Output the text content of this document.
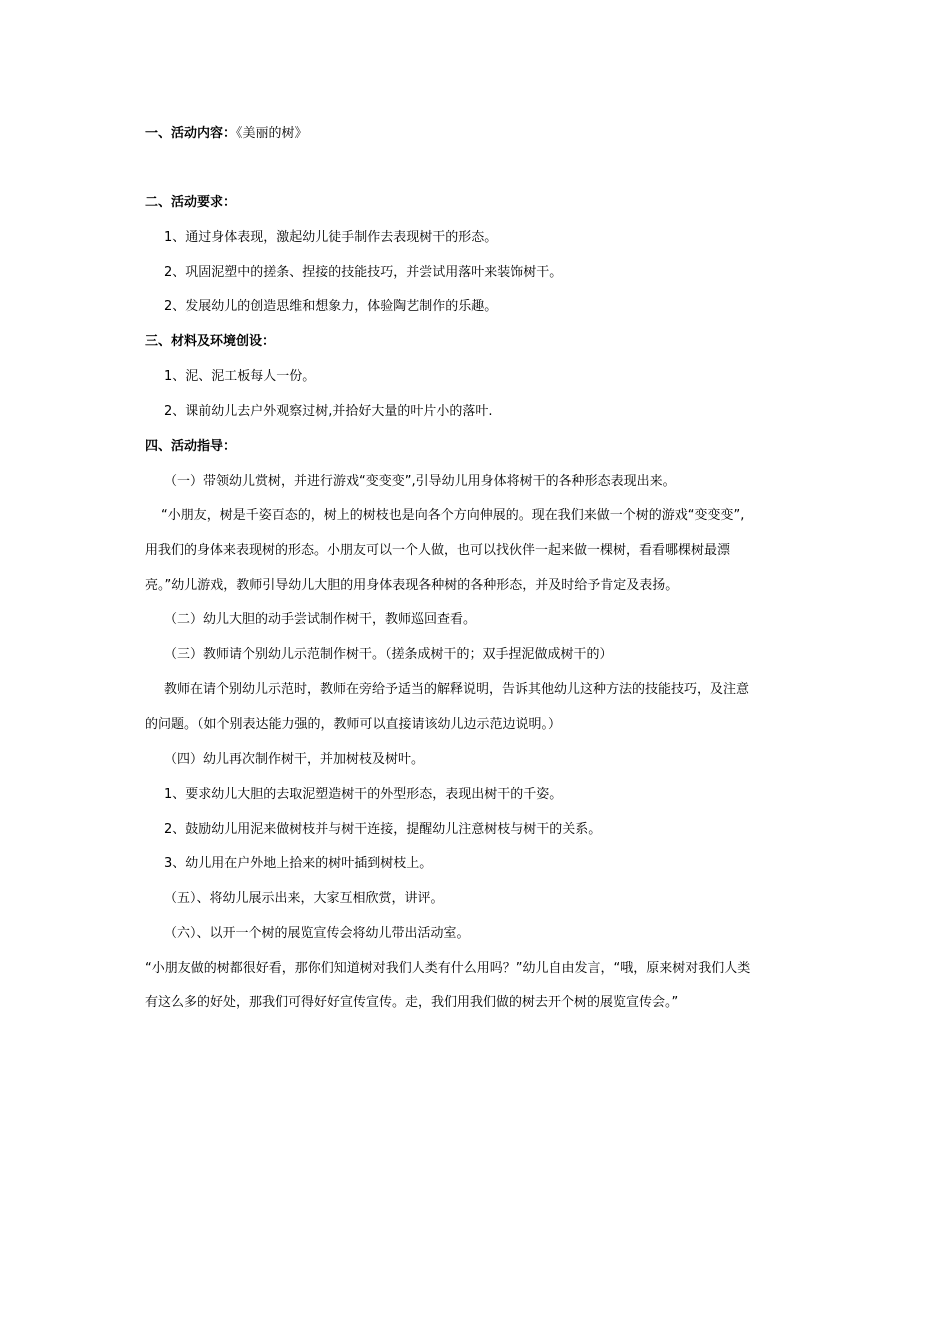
一、活动内容：《美丽的树》
二、活动要求：
1、通过身体表现，激起幼儿徒手制作去表现树干的形态。
2、巩固泥塑中的搓条、捏接的技能技巧，并尝试用落叶来装饰树干。
2、发展幼儿的创造思维和想象力，体验陶艺制作的乐趣。
三、材料及环境创设：
1、泥、泥工板每人一份。
2、课前幼儿去户外观察过树,并拾好大量的叶片小的落叶.
四、活动指导：
（一）带领幼儿赏树，并进行游戏“变变变”,引导幼儿用身体将树干的各种形态表现出来。
“小朋友，树是千姿百态的，树上的树枝也是向各个方向伸展的。现在我们来做一个树的游戏“变变变”,
用我们的身体来表现树的形态。小朋友可以一个人做，也可以找伙伴一起来做一棵树，看看哪棵树最漂
亮。”幼儿游戏，教师引导幼儿大胆的用身体表现各种树的各种形态，并及时给予肯定及表扬。
（二）幼儿大胆的动手尝试制作树干，教师巡回查看。
（三）教师请个别幼儿示范制作树干。（搓条成树干的；双手捏泥做成树干的）
教师在请个别幼儿示范时，教师在旁给予适当的解释说明，告诉其他幼儿这种方法的技能技巧，及注意
的问题。（如个别表达能力强的，教师可以直接请该幼儿边示范边说明。）
（四）幼儿再次制作树干，并加树枝及树叶。
1、要求幼儿大胆的去取泥塑造树干的外型形态，表现出树干的千姿。
2、鼓励幼儿用泥来做树枝并与树干连接，提醒幼儿注意树枝与树干的关系。
3、幼儿用在户外地上拾来的树叶插到树枝上。
（五）、将幼儿展示出来，大家互相欣赏，讲评。
（六）、以开一个树的展览宣传会将幼儿带出活动室。
“小朋友做的树都很好看，那你们知道树对我们人类有什么用吗？”幼儿自由发言，“哦，原来树对我们人类
有这么多的好处，那我们可得好好宣传宣传。走，我们用我们做的树去开个树的展览宣传会。”
